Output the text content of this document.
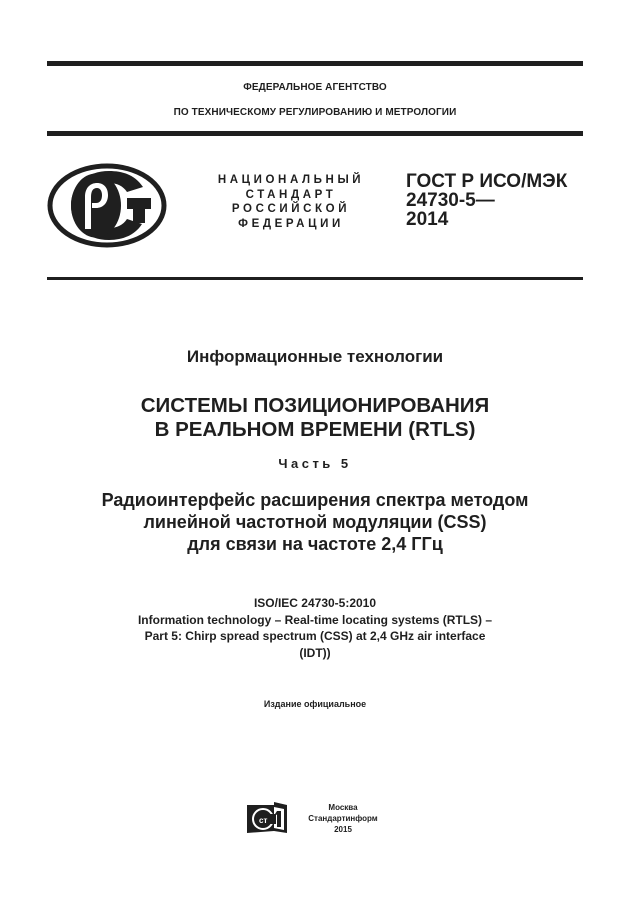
ФЕДЕРАЛЬНОЕ АГЕНТСТВО
ПО ТЕХНИЧЕСКОМУ РЕГУЛИРОВАНИЮ И МЕТРОЛОГИИ
НАЦИОНАЛЬНЫЙ
СТАНДАРТ
РОССИЙСКОЙ
ФЕДЕРАЦИИ
ГОСТ Р ИСО/МЭК
24730-5—
2014
Информационные технологии
СИСТЕМЫ ПОЗИЦИОНИРОВАНИЯ
В РЕАЛЬНОМ ВРЕМЕНИ (RTLS)
Часть 5
Радиоинтерфейс расширения спектра методом
линейной частотной модуляции (CSS)
для связи на частоте 2,4 ГГц
ISO/IEC 24730-5:2010
Information technology – Real-time locating systems (RTLS) –
Part 5: Chirp spread spectrum (CSS) at 2,4 GHz air interface
(IDT))
Издание официальное
ст
Москва
Стандартинформ
2015
